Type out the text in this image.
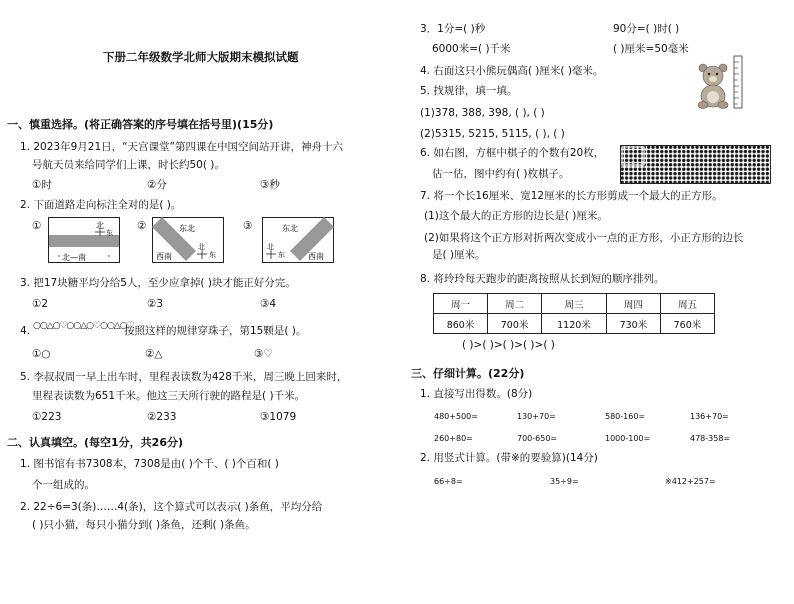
下册二年级数学北师大版期末模拟试题
一、慎重选择。(将正确答案的序号填在括号里)(15分)
1. 2023年9月21日，“天宫课堂”第四课在中国空间站开讲，神舟十六
号航天员来给同学们上课，时长约50( )。
①时	②分	③秒
2. 下面道路走向标注全对的是( )。
①	北
东
北—南
②	东北
西南
北
东
③	东北
西南
北
东
3. 把17块糖平均分给5人，至少应拿掉( )块才能正好分完。
①2	②3	③4
4. ○○△○♡○○△○♡○○△○♡
按照这样的规律穿珠子，第15颗是( )。
①○	②△	③♡
5. 李叔叔周一早上出车时，里程表读数为428千米，周三晚上回来时，
里程表读数为651千米。他这三天所行驶的路程是( )千米。
①223	②233	③1079
二、认真填空。(每空1分，共26分)
1. 图书馆有书7308本，7308是由( )个千、( )个百和( )
个一组成的。
2. 22÷6=3(条)……4(条)，这个算式可以表示( )条鱼，平均分给
( )只小猫，每只小猫分到( )条鱼，还剩( )条鱼。
3．1分=( )秒	90分=( )时( )
6000米=( )千米	( )厘米=50毫米
4. 右面这只小熊玩偶高( )厘米( )毫米。
5. 找规律，填一填。
(1)378, 388, 398, ( ), ( )
(2)5315, 5215, 5115, ( ), ( )
6. 如右图，方框中棋子的个数有20枚，
估一估，图中约有( )枚棋子。
7. 将一个长16厘米、宽12厘米的长方形剪成一个最大的正方形。
(1)这个最大的正方形的边长是( )厘米。
(2)如果将这个正方形对折两次变成小一点的正方形，小正方形的边长
是( )厘米。
8. 将玲玲每天跑步的距离按照从长到短的顺序排列。
周一	周二	周三	周四	周五
860米	700米	1120米	730米	760米
( )>( )>( )>( )>( )
三、仔细计算。(22分)
1. 直接写出得数。(8分)
480+500=	130+70=	580-160=	136+70=
260+80=	700-650=	1000-100=	478-358=
2. 用竖式计算。(带※的要验算)(14分)
66÷8=	35÷9=	※412+257=
